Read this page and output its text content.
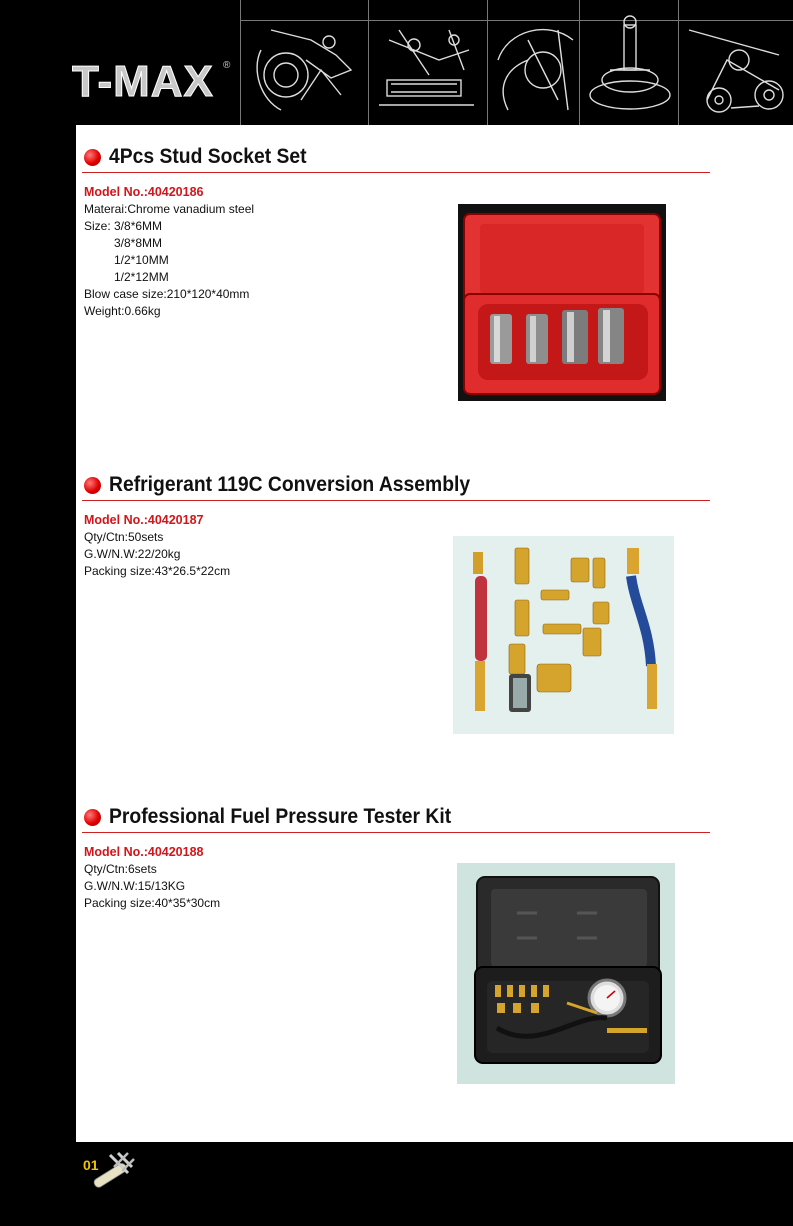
T-MAX ®
4Pcs Stud Socket Set
Model No.:40420186
Materai:Chrome vanadium steel
Size: 3/8*6MM
3/8*8MM
1/2*10MM
1/2*12MM
Blow case size:210*120*40mm
Weight:0.66kg
Refrigerant 119C Conversion Assembly
Model No.:40420187
Qty/Ctn:50sets
G.W/N.W:22/20kg
Packing size:43*26.5*22cm
Professional Fuel Pressure Tester Kit
Model No.:40420188
Qty/Ctn:6sets
G.W/N.W:15/13KG
Packing size:40*35*30cm
01
